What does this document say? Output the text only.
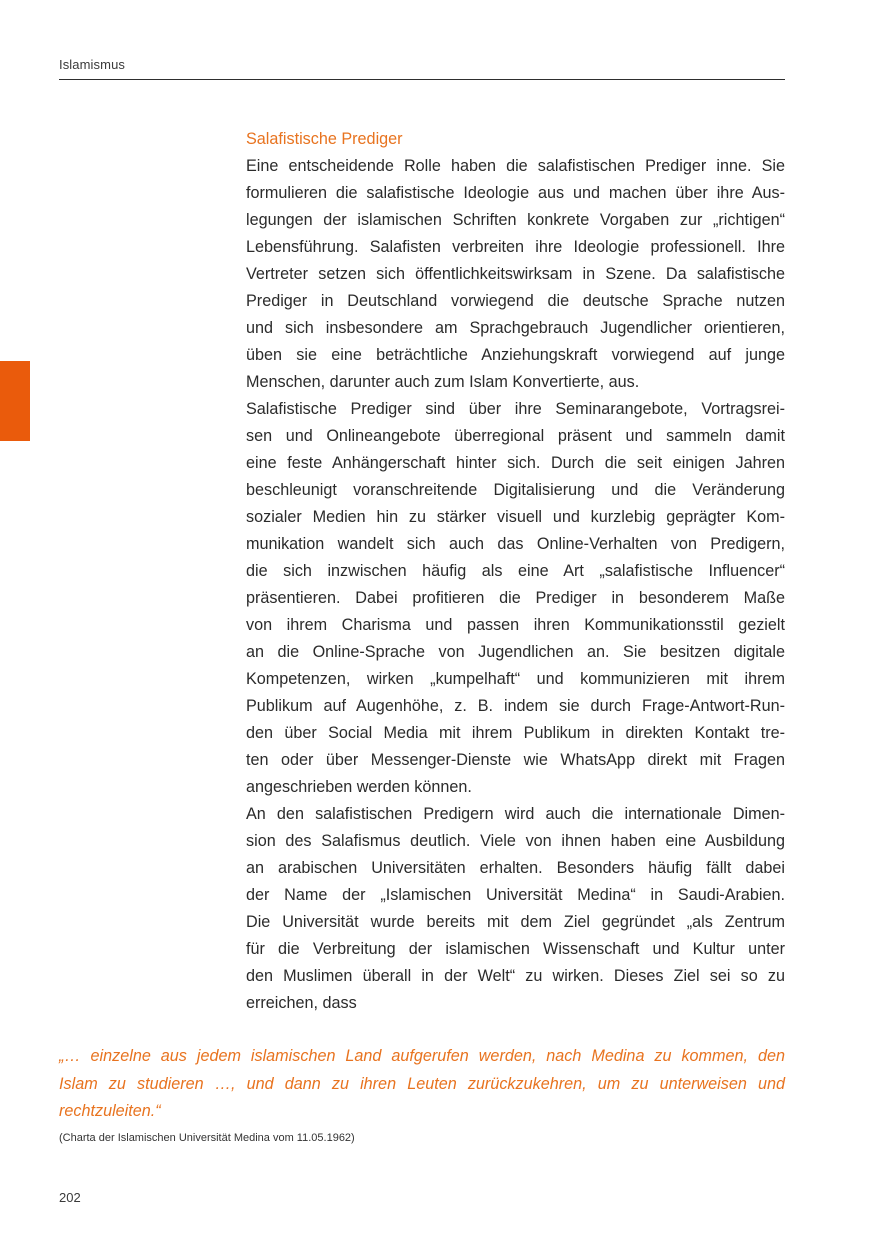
Islamismus
Salafistische Prediger
Eine entscheidende Rolle haben die salafistischen Prediger inne. Sie
formulieren die salafistische Ideologie aus und machen über ihre Aus-
legungen der islamischen Schriften konkrete Vorgaben zur „richtigen“
Lebensführung. Salafisten verbreiten ihre Ideologie professionell. Ihre
Vertreter setzen sich öffentlichkeitswirksam in Szene. Da salafistische
Prediger in Deutschland vorwiegend die deutsche Sprache nutzen
und sich insbesondere am Sprachgebrauch Jugendlicher orientieren,
üben sie eine beträchtliche Anziehungskraft vorwiegend auf junge
Menschen, darunter auch zum Islam Konvertierte, aus.
Salafistische Prediger sind über ihre Seminarangebote, Vortragsrei-
sen und Onlineangebote überregional präsent und sammeln damit
eine feste Anhängerschaft hinter sich. Durch die seit einigen Jahren
beschleunigt voranschreitende Digitalisierung und die Veränderung
sozialer Medien hin zu stärker visuell und kurzlebig geprägter Kom-
munikation wandelt sich auch das Online-Verhalten von Predigern,
die sich inzwischen häufig als eine Art „salafistische Influencer“
präsentieren. Dabei profitieren die Prediger in besonderem Maße
von ihrem Charisma und passen ihren Kommunikationsstil gezielt
an die Online-Sprache von Jugendlichen an. Sie besitzen digitale
Kompetenzen, wirken „kumpelhaft“ und kommunizieren mit ihrem
Publikum auf Augenhöhe, z. B. indem sie durch Frage-Antwort-Run-
den über Social Media mit ihrem Publikum in direkten Kontakt tre-
ten oder über Messenger-Dienste wie WhatsApp direkt mit Fragen
angeschrieben werden können.
An den salafistischen Predigern wird auch die internationale Dimen-
sion des Salafismus deutlich. Viele von ihnen haben eine Ausbildung
an arabischen Universitäten erhalten. Besonders häufig fällt dabei
der Name der „Islamischen Universität Medina“ in Saudi-Arabien.
Die Universität wurde bereits mit dem Ziel gegründet „als Zentrum
für die Verbreitung der islamischen Wissenschaft und Kultur unter
den Muslimen überall in der Welt“ zu wirken. Dieses Ziel sei so zu
erreichen, dass
„… einzelne aus jedem islamischen Land aufgerufen werden, nach Medina zu kommen, den
Islam zu studieren …, und dann zu ihren Leuten zurückzukehren, um zu unterweisen und
rechtzuleiten.“
(Charta der Islamischen Universität Medina vom 11.05.1962)
202
